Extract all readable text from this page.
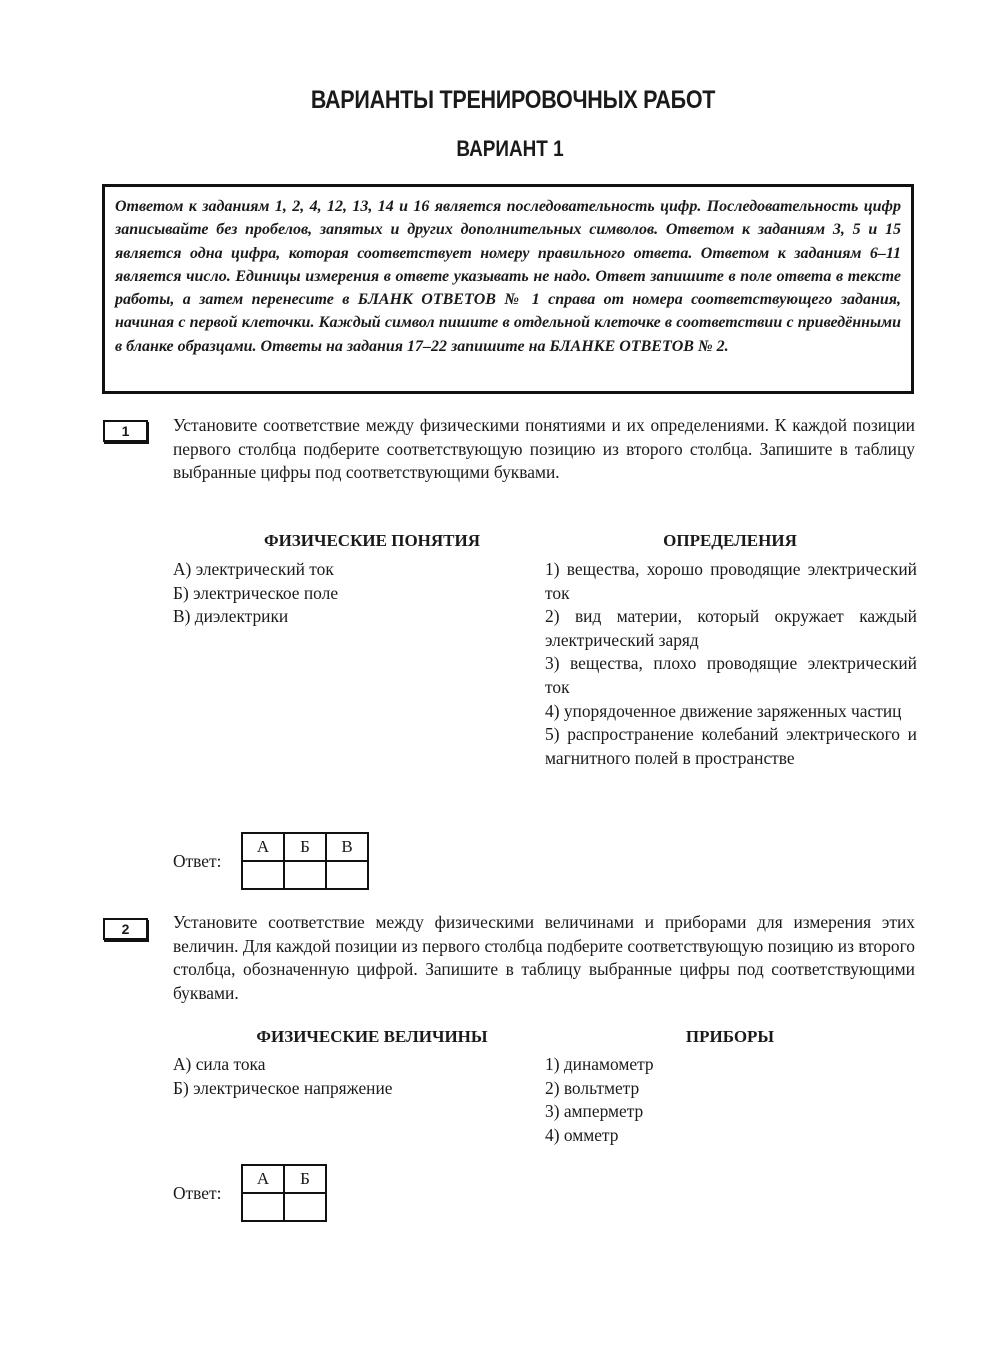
ВАРИАНТЫ ТРЕНИРОВОЧНЫХ РАБОТ
ВАРИАНТ 1
Ответом к заданиям 1, 2, 4, 12, 13, 14 и 16 является последовательность цифр. Последовательность цифр записывайте без пробелов, запятых и других дополнительных символов. Ответом к заданиям 3, 5 и 15 является одна цифра, которая соответствует номеру правильного ответа. Ответом к заданиям 6–11 является число. Единицы измерения в ответе указывать не надо. Ответ запишите в поле ответа в тексте работы, а затем перенесите в БЛАНК ОТВЕТОВ № 1 справа от номера соответствующего задания, начиная с первой клеточки. Каждый символ пишите в отдельной клеточке в соответствии с приведёнными в бланке образцами. Ответы на задания 17–22 запишите на БЛАНКЕ ОТВЕТОВ № 2.
1	Установите соответствие между физическими понятиями и их определениями. К каждой позиции первого столбца подберите соответствующую позицию из второго столбца. Запишите в таблицу выбранные цифры под соответствующими буквами.
ФИЗИЧЕСКИЕ ПОНЯТИЯ	ОПРЕДЕЛЕНИЯ
А) электрический ток
Б) электрическое поле
В) диэлектрики
1) вещества, хорошо проводящие электрический ток
2) вид материи, который окружает каждый электрический заряд
3) вещества, плохо проводящие электрический ток
4) упорядоченное движение заряженных частиц
5) распространение колебаний электрического и магнитного полей в пространстве
Ответ:
А	Б	В

2	Установите соответствие между физическими величинами и приборами для измерения этих величин. Для каждой позиции из первого столбца подберите соответствующую позицию из второго столбца, обозначенную цифрой. Запишите в таблицу выбранные цифры под соответствующими буквами.
ФИЗИЧЕСКИЕ ВЕЛИЧИНЫ	ПРИБОРЫ
А) сила тока
Б) электрическое напряжение
1) динамометр
2) вольтметр
3) амперметр
4) омметр
Ответ:
А	Б
